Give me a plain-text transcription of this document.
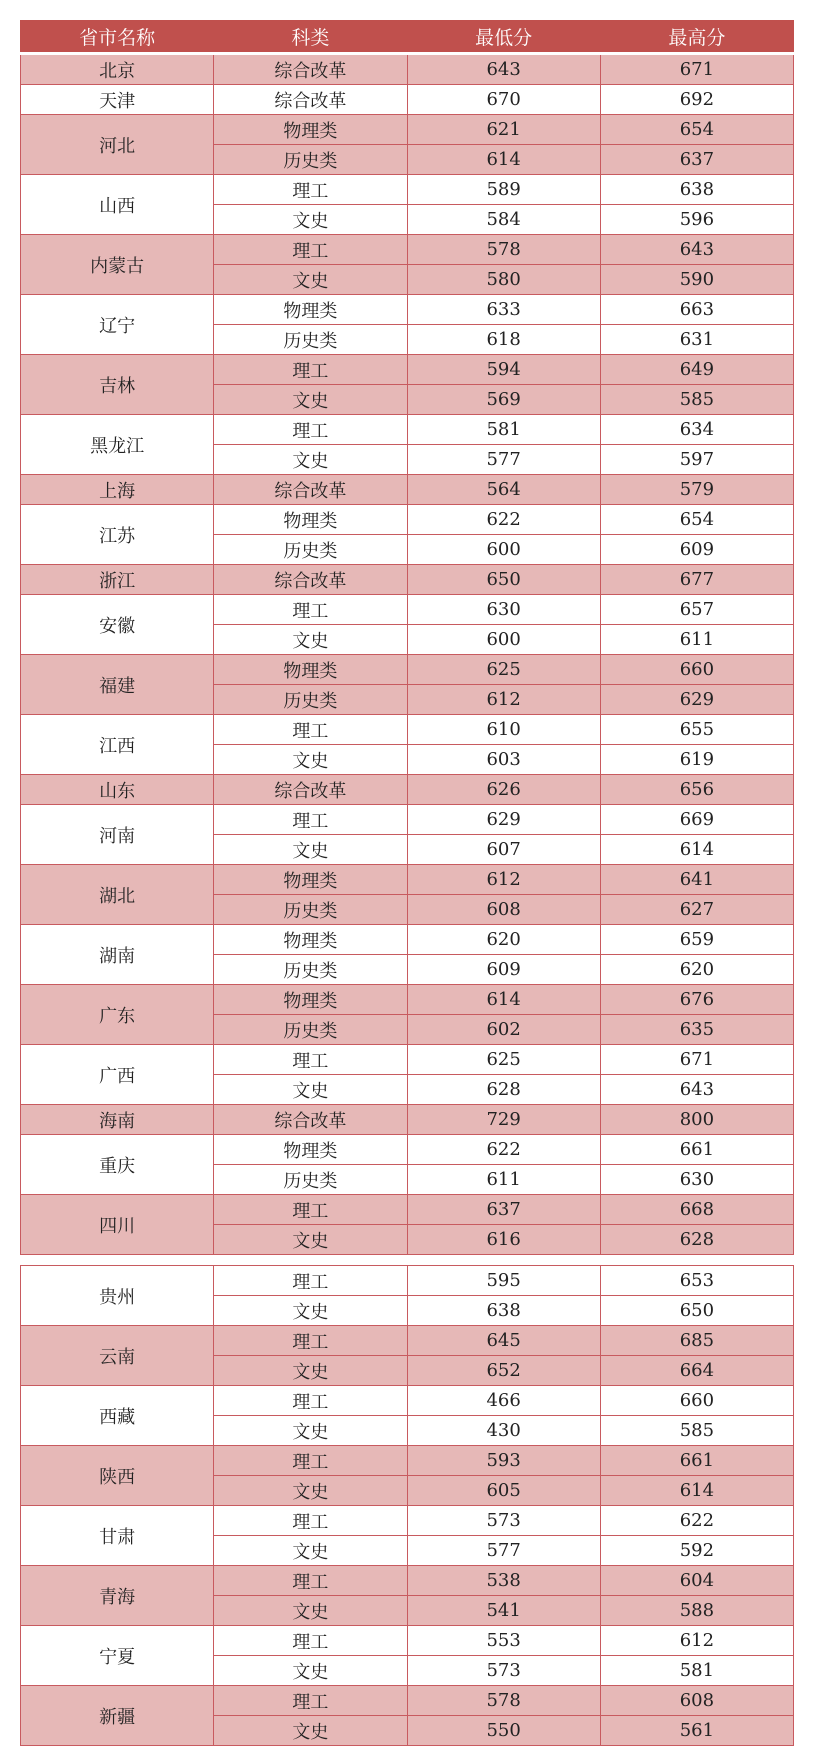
省市名称	科类	最低分	最高分
北京	综合改革	643	671
天津	综合改革	670	692
河北	物理类	621	654
	历史类	614	637
山西	理工	589	638
	文史	584	596
内蒙古	理工	578	643
	文史	580	590
辽宁	物理类	633	663
	历史类	618	631
吉林	理工	594	649
	文史	569	585
黑龙江	理工	581	634
	文史	577	597
上海	综合改革	564	579
江苏	物理类	622	654
	历史类	600	609
浙江	综合改革	650	677
安徽	理工	630	657
	文史	600	611
福建	物理类	625	660
	历史类	612	629
江西	理工	610	655
	文史	603	619
山东	综合改革	626	656
河南	理工	629	669
	文史	607	614
湖北	物理类	612	641
	历史类	608	627
湖南	物理类	620	659
	历史类	609	620
广东	物理类	614	676
	历史类	602	635
广西	理工	625	671
	文史	628	643
海南	综合改革	729	800
重庆	物理类	622	661
	历史类	611	630
四川	理工	637	668
	文史	616	628
贵州	理工	595	653
	文史	638	650
云南	理工	645	685
	文史	652	664
西藏	理工	466	660
	文史	430	585
陕西	理工	593	661
	文史	605	614
甘肃	理工	573	622
	文史	577	592
青海	理工	538	604
	文史	541	588
宁夏	理工	553	612
	文史	573	581
新疆	理工	578	608
	文史	550	561
